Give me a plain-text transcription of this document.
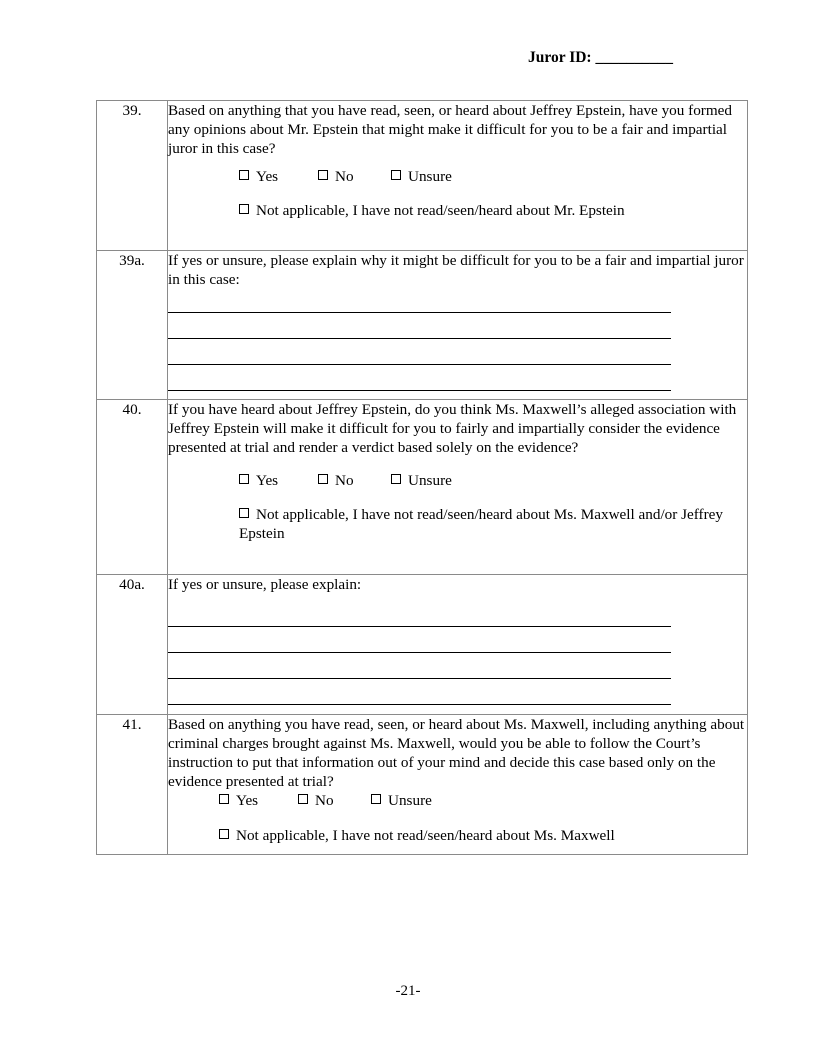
Juror ID: __________
39.	Based on anything that you have read, seen, or heard about Jeffrey Epstein, have you formed any opinions about Mr. Epstein that might make it difficult for you to be a fair and impartial juror in this case?
Yes No Unsure
Not applicable, I have not read/seen/heard about Mr. Epstein

39a.	If yes or unsure, please explain why it might be difficult for you to be a fair and impartial juror in this case:

40.	If you have heard about Jeffrey Epstein, do you think Ms. Maxwell’s alleged association with Jeffrey Epstein will make it difficult for you to fairly and impartially consider the evidence presented at trial and render a verdict based solely on the evidence?
Yes No Unsure
Not applicable, I have not read/seen/heard about Ms. Maxwell and/or Jeffrey Epstein

40a.	If yes or unsure, please explain:

41.	Based on anything you have read, seen, or heard about Ms. Maxwell, including anything about criminal charges brought against Ms. Maxwell, would you be able to follow the Court’s instruction to put that information out of your mind and decide this case based only on the evidence presented at trial?
Yes No Unsure
Not applicable, I have not read/seen/heard about Ms. Maxwell
-21-
